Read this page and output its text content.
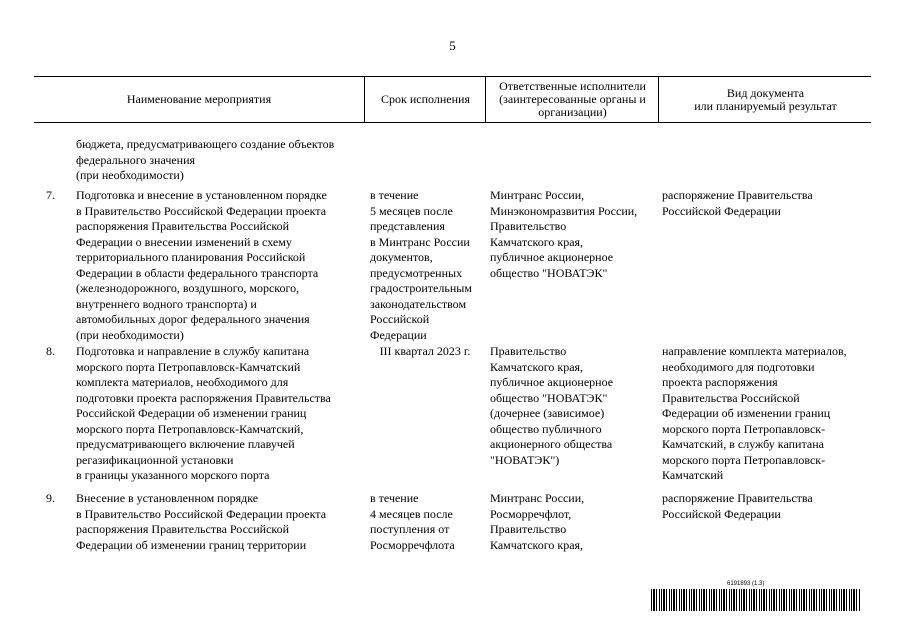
5
Наименование мероприятия	Срок исполнения
Ответственные исполнители
(заинтересованные органы и
организации)
Вид документа
или планируемый результат
бюджета, предусматривающего создание объектов
федерального значения
(при необходимости)
7. Подготовка и внесение в установленном порядке
в Правительство Российской Федерации проекта
распоряжения Правительства Российской
Федерации о внесении изменений в схему
территориального планирования Российской
Федерации в области федерального транспорта
(железнодорожного, воздушного, морского,
внутреннего водного транспорта) и
автомобильных дорог федерального значения
(при необходимости)
в течение
5 месяцев после
представления
в Минтранс России
документов,
предусмотренных
градостроительным
законодательством
Российской
Федерации
Минтранс России,
Минэкономразвития России,
Правительство
Камчатского края,
публичное акционерное
общество "НОВАТЭК"
распоряжение Правительства
Российской Федерации
8. Подготовка и направление в службу капитана
морского порта Петропавловск-Камчатский
комплекта материалов, необходимого для
подготовки проекта распоряжения Правительства
Российской Федерации об изменении границ
морского порта Петропавловск-Камчатский,
предусматривающего включение плавучей
регазификационной установки
в границы указанного морского порта
III квартал 2023 г.	Правительство
Камчатского края,
публичное акционерное
общество "НОВАТЭК"
(дочернее (зависимое)
общество публичного
акционерного общества
"НОВАТЭК")
направление комплекта материалов,
необходимого для подготовки
проекта распоряжения
Правительства Российской
Федерации об изменении границ
морского порта Петропавловск-
Камчатский, в службу капитана
морского порта Петропавловск-
Камчатский
9. Внесение в установленном порядке
в Правительство Российской Федерации проекта
распоряжения Правительства Российской
Федерации об изменении границ территории
в течение
4 месяцев после
поступления от
Росморречфлота
Минтранс России,
Росморречфлот,
Правительство
Камчатского края,
распоряжение Правительства
Российской Федерации
6191893 (1.3)
